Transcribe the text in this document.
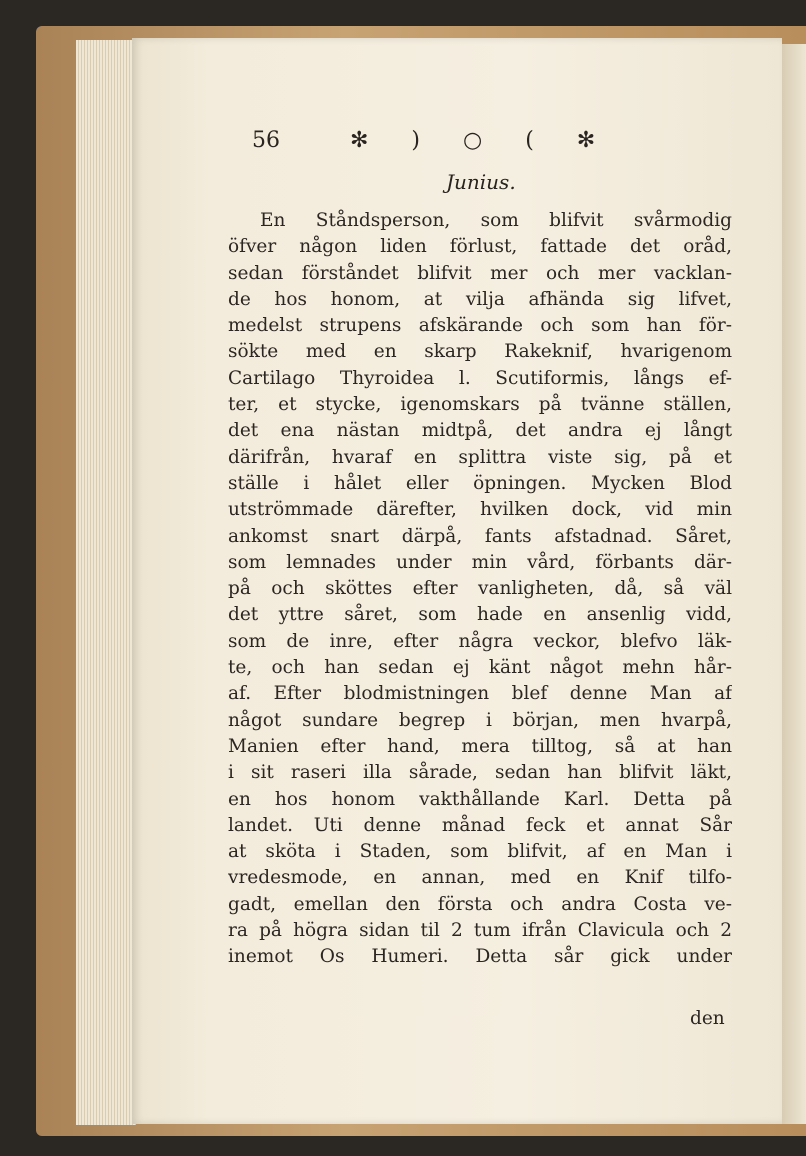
56	✻ ) ○ ( ✻
Junius.
En Ståndsperson, som blifvit svårmodig
öfver någon liden förlust, fattade det oråd,
sedan förståndet blifvit mer och mer vacklan-
de hos honom, at vilja afhända sig lifvet,
medelst strupens afskärande och som han för-
sökte med en skarp Rakeknif, hvarigenom
Cartilago Thyroidea l. Scutiformis, långs ef-
ter, et stycke, igenomskars på tvänne ställen,
det ena nästan midtpå, det andra ej långt
därifrån, hvaraf en splittra viste sig, på et
ställe i hålet eller öpningen. Mycken Blod
utströmmade därefter, hvilken dock, vid min
ankomst snart därpå, fants afstadnad. Såret,
som lemnades under min vård, förbants där-
på och sköttes efter vanligheten, då, så väl
det yttre såret, som hade en ansenlig vidd,
som de inre, efter några veckor, blefvo läk-
te, och han sedan ej känt något mehn hår-
af. Efter blodmistningen blef denne Man af
något sundare begrep i början, men hvarpå,
Manien efter hand, mera tilltog, så at han
i sit raseri illa sårade, sedan han blifvit läkt,
en hos honom vakthållande Karl. Detta på
landet. Uti denne månad feck et annat Sår
at sköta i Staden, som blifvit, af en Man i
vredesmode, en annan, med en Knif tilfo-
gadt, emellan den första och andra Costa ve-
ra på högra sidan til 2 tum ifrån Clavicula och 2
inemot Os Humeri. Detta sår gick under
den
